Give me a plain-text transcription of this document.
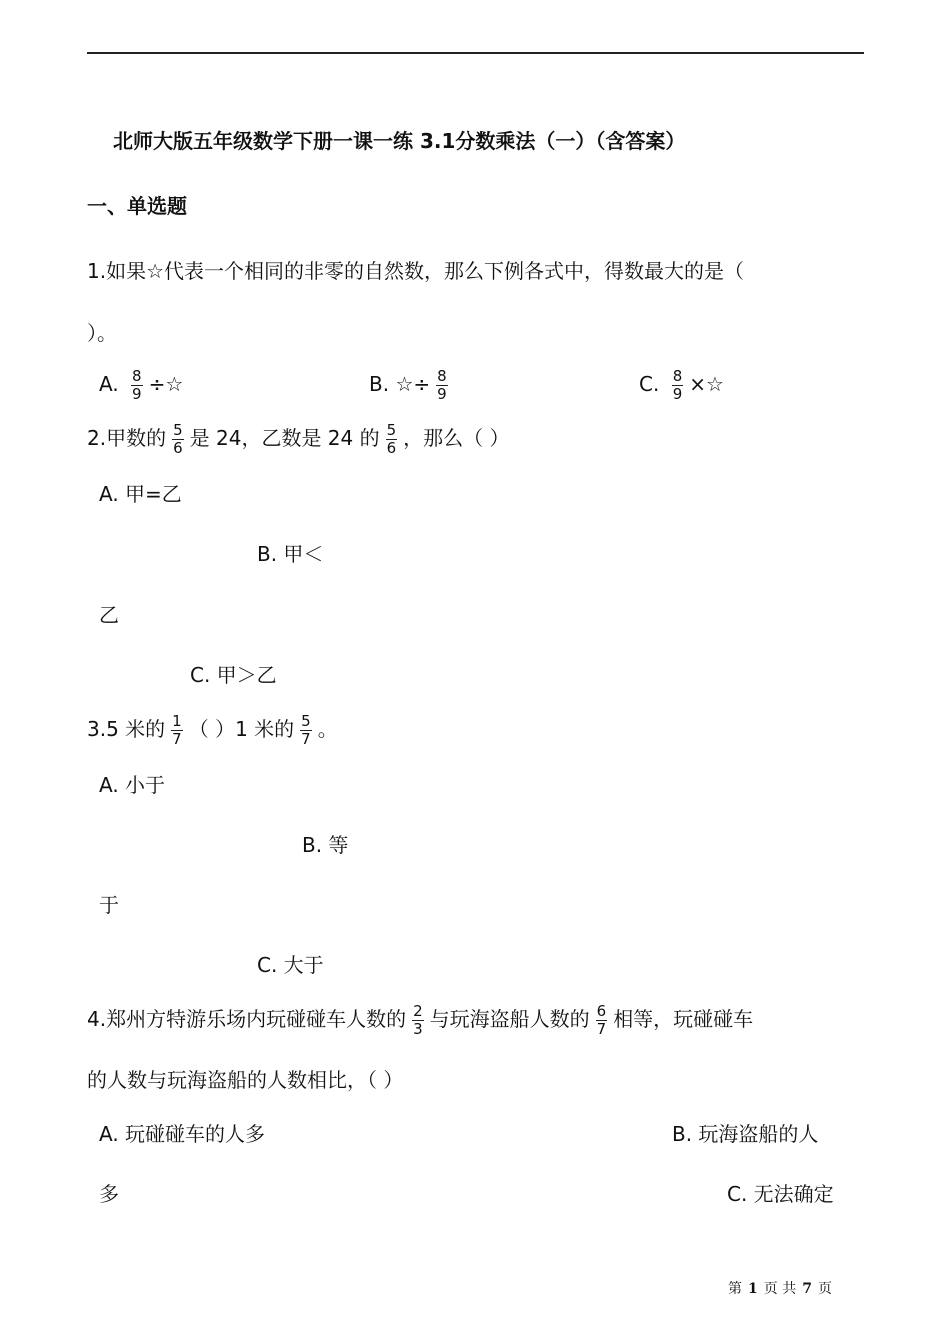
北师大版五年级数学下册一课一练 3.1分数乘法（一）（含答案）
一、单选题
1.如果☆代表一个相同的非零的自然数，那么下例各式中，得数最大的是（
）。
A. $\frac{8}{9}$ ÷☆	B. ☆÷ $\frac{8}{9}$	C. $\frac{8}{9}$ ×☆
2.甲数的 $\frac{5}{6}$ 是 24，乙数是 24 的 $\frac{5}{6}$ ，那么（ ）
A. 甲=乙
B. 甲＜
乙
C. 甲＞乙
3.5 米的 $\frac{1}{7}$ （ ）1 米的 $\frac{5}{7}$ 。
A. 小于
B. 等
于
C. 大于
4.郑州方特游乐场内玩碰碰车人数的 $\frac{2}{3}$ 与玩海盗船人数的 $\frac{6}{7}$ 相等，玩碰碰车
的人数与玩海盗船的人数相比，（ ）
A. 玩碰碰车的人多	B. 玩海盗船的人
多	C. 无法确定
第 1 页 共 7 页
